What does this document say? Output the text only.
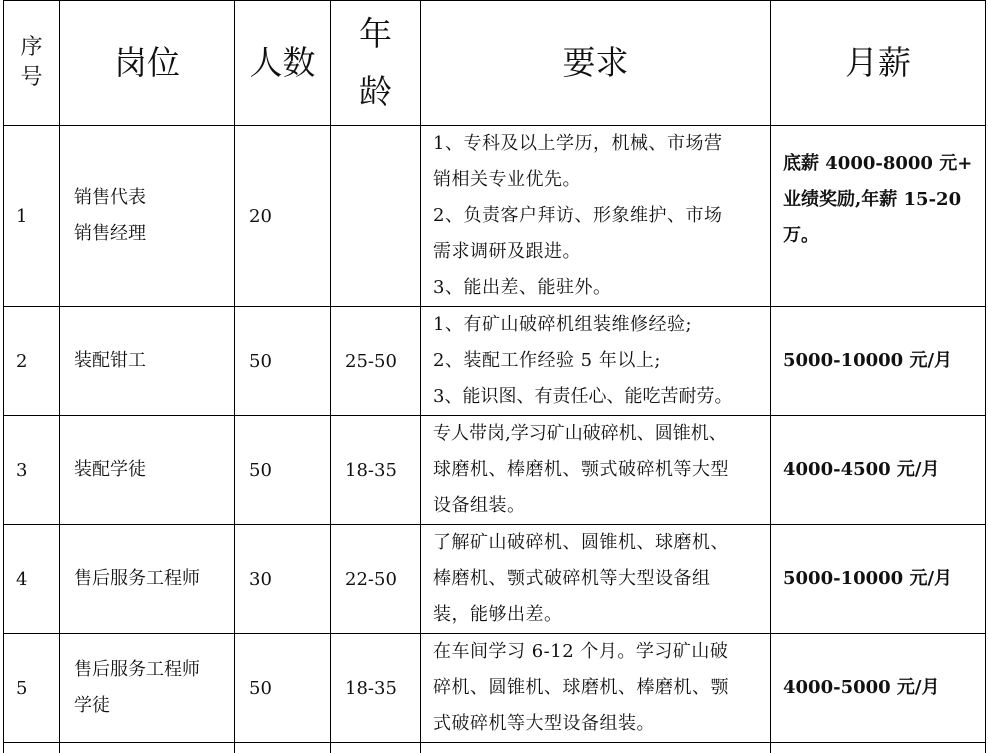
序号	岗位	人数	年龄	要求	月薪
1	销售代表
销售经理	20		1、专科及以上学历，机械、市场营
销相关专业优先。
2、负责客户拜访、形象维护、市场
需求调研及跟进。
3、能出差、能驻外。	底薪 4000-8000 元+
业绩奖励,年薪 15-20
万。

2	装配钳工	50	25-50	1、有矿山破碎机组装维修经验;
2、装配工作经验 5 年以上;
3、能识图、有责任心、能吃苦耐劳。	5000-10000 元/月

3	装配学徒	50	18-35	专人带岗,学习矿山破碎机、圆锥机、
球磨机、棒磨机、颚式破碎机等大型
设备组装。	4000-4500 元/月

4	售后服务工程师	30	22-50	了解矿山破碎机、圆锥机、球磨机、
棒磨机、颚式破碎机等大型设备组
装，能够出差。	5000-10000 元/月

5	售后服务工程师
学徒	50	18-35	在车间学习 6-12 个月。学习矿山破
碎机、圆锥机、球磨机、棒磨机、颚
式破碎机等大型设备组装。	4000-5000 元/月
